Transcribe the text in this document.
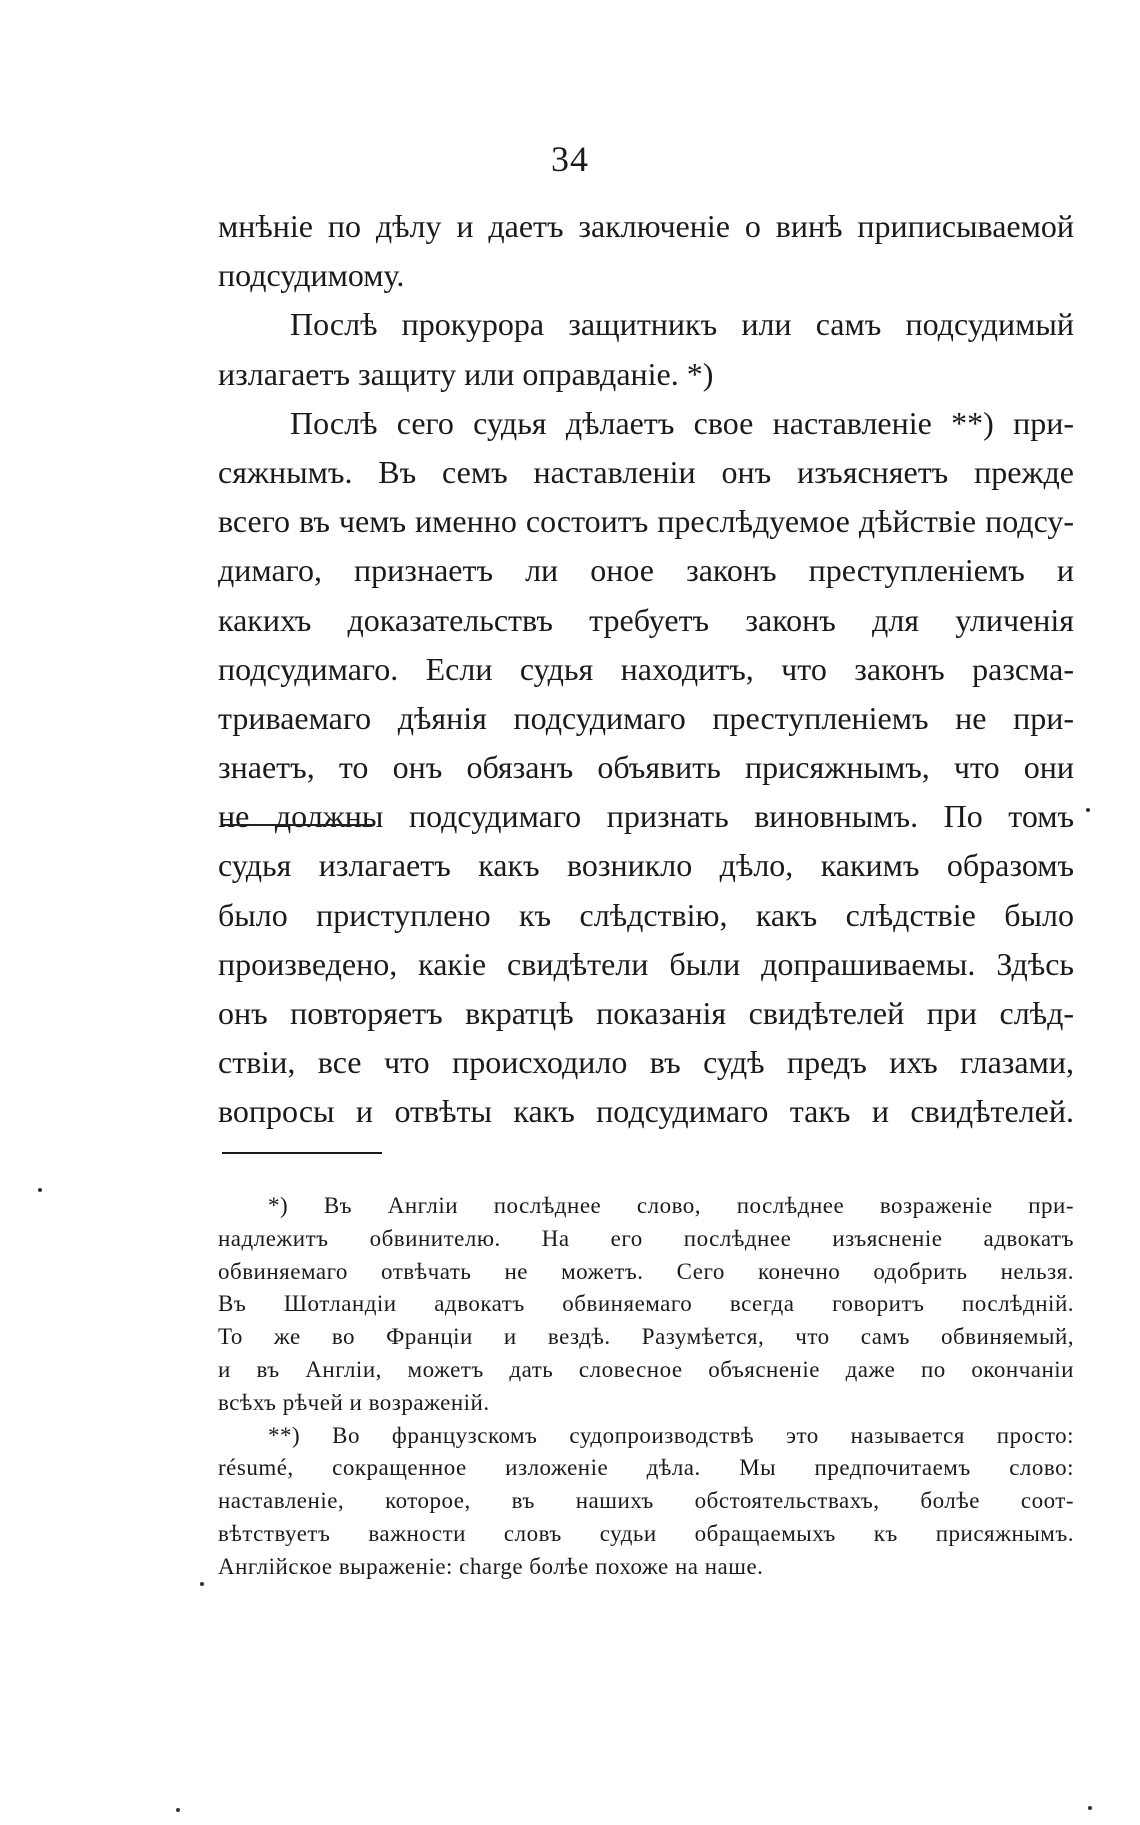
34
мнѣніе по дѣлу и даетъ заключеніе о винѣ приписываемой
подсудимому.
Послѣ прокурора защитникъ или самъ подсудимый
излагаетъ защиту или оправданіе. *)
Послѣ сего судья дѣлаетъ свое наставленіе **) при-
сяжнымъ. Въ семъ наставленіи онъ изъясняетъ прежде
всего въ чемъ именно состоитъ преслѣдуемое дѣйствіе подсу-
димаго, признаетъ ли оное законъ преступленіемъ и
какихъ доказательствъ требуетъ законъ для уличенія
подсудимаго. Если судья находитъ, что законъ разсма-
триваемаго дѣянія подсудимаго преступленіемъ не при-
знаетъ, то онъ обязанъ объявить присяжнымъ, что они
не должны подсудимаго признать виновнымъ. По томъ
судья излагаетъ какъ возникло дѣло, какимъ образомъ
было приступлено къ слѣдствію, какъ слѣдствіе было
произведено, какіе свидѣтели были допрашиваемы. Здѣсь
онъ повторяетъ вкратцѣ показанія свидѣтелей при слѣд-
ствіи, все что происходило въ судѣ предъ ихъ глазами,
вопросы и отвѣты какъ подсудимаго такъ и свидѣтелей.
*) Въ Англіи послѣднее слово, послѣднее возраженіе при-
надлежитъ обвинителю. На его послѣднее изъясненіе адвокатъ
обвиняемаго отвѣчать не можетъ. Сего конечно одобрить нельзя.
Въ Шотландіи адвокатъ обвиняемаго всегда говоритъ послѣдній.
То же во Франціи и вездѣ. Разумѣется, что самъ обвиняемый,
и въ Англіи, можетъ дать словесное объясненіе даже по окончаніи
всѣхъ рѣчей и возраженій.
**) Во французскомъ судопроизводствѣ это называется просто:
résumé, сокращенное изложеніе дѣла. Мы предпочитаемъ слово:
наставленіе, которое, въ нашихъ обстоятельствахъ, болѣе соот-
вѣтствуетъ важности словъ судьи обращаемыхъ къ присяжнымъ.
Англійское выраженіе: charge болѣе похоже на наше.
